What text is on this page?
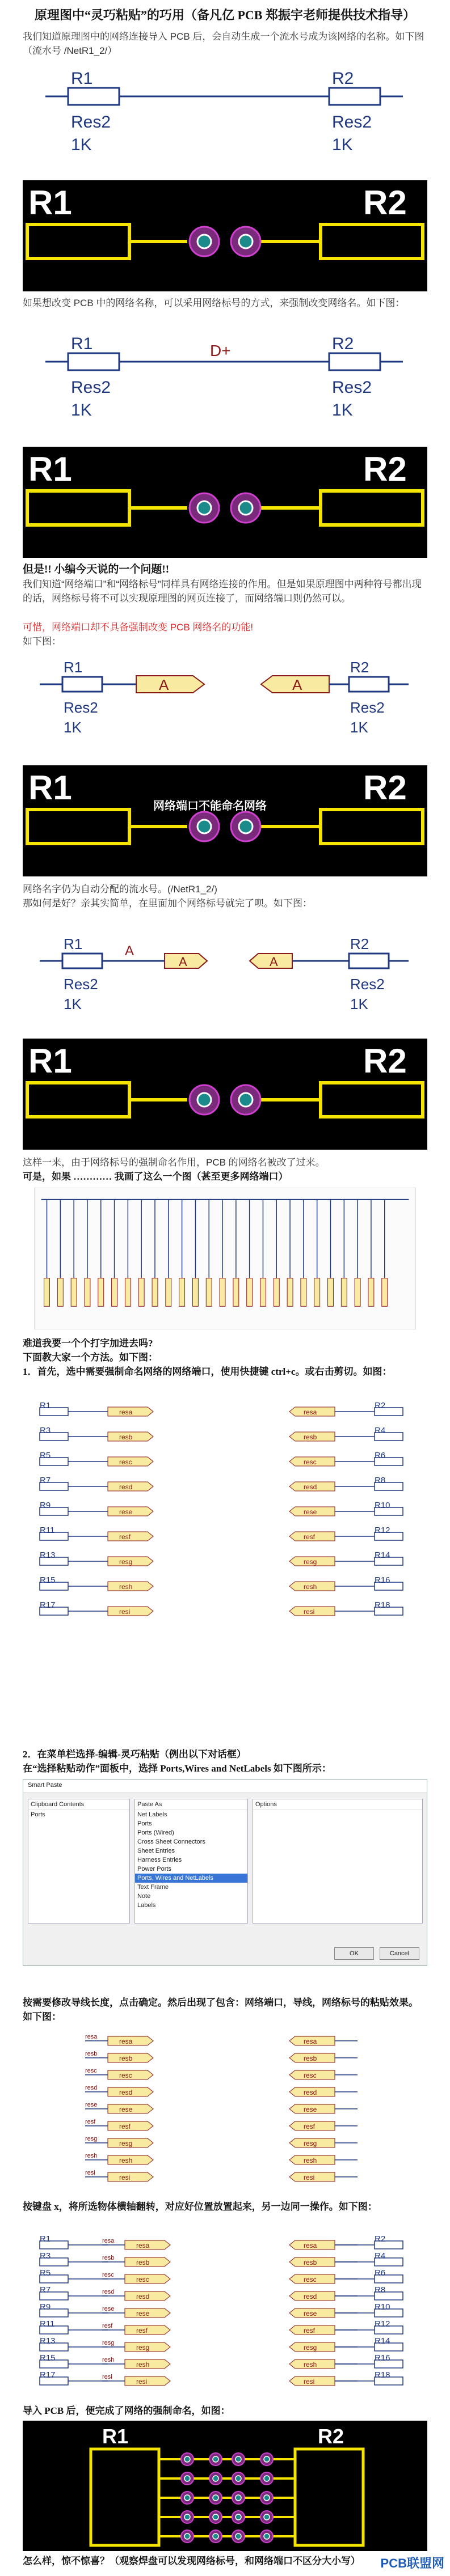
原理图中“灵巧粘贴”的巧用（备凡亿 PCB 郑振宇老师提供技术指导）
我们知道原理图中的网络连接导入 PCB 后，会自动生成一个流水号成为该网络的名称。如下图（流水号 /NetR1_2/）
R1
Res2
1K
R2
Res2
1K
R1	R2
如果想改变 PCB 中的网络名称，可以采用网络标号的方式，来强制改变网络名。如下图：
D+
R1
Res2
1K
R2
Res2
1K
R1	R2
但是!! 小编今天说的一个问题!!
我们知道“网络端口”和“网络标号”同样具有网络连接的作用。但是如果原理图中两种符号都出现的话，网络标号将不可以实现原理图的网页连接了，而网络端口则仍然可以。
可惜，网络端口却不具备强制改变 PCB 网络名的功能!
如下图：
A	A
R1
Res2
1K
R2
Res2
1K
R1	R2
网络端口不能命名网络
网络名字仍为自动分配的流水号。(/NetR1_2/)
那如何是好？亲其实简单，在里面加个网络标号就完了呗。如下图：
A
A	A
R1
Res2
1K
R2
Res2
1K
R1	R2
这样一来，由于网络标号的强制命名作用，PCB 的网络名被改了过来。
可是，如果 ………… 我画了这么一个图（甚至更多网络端口）
难道我要一个个打字加进去吗?
下面教大家一个方法。如下图：
1．首先，选中需要强制命名网络的网络端口，使用快捷键 ctrl+c。或右击剪切。如图：
R1	R2
resa	resa
R3	R4
resb	resb
R5	R6
resc	resc
R7	R8
resd	resd
R9	R10
rese	rese
R11	R12
resf	resf
R13	R14
resg	resg
R15	R16
resh	resh
R17	R18
resi	resi
2．在菜单栏选择-编辑-灵巧粘贴（例出以下对话框）
在“选择粘贴动作”面板中，选择 Ports,Wires and NetLabels 如下图所示：
Smart Paste
Clipboard Contents
Ports
Paste As
Net Labels
Ports
Ports (Wired)
Cross Sheet Connectors
Sheet Entries
Harness Entries
Power Ports
Ports, Wires and NetLabels
Text Frame
Note
Labels
Options
OK	Cancel
按需要修改导线长度，点击确定。然后出现了包含：网络端口，导线，网络标号的粘贴效果。如下图：
resa	resa
resa
resb	resb
resb
resc	resc
resc
resd	resd
resd
rese	rese
rese
resf	resf
resf
resg	resg
resg
resh	resh
resh
resi	resi
resi
按键盘 x，将所选物体横轴翻转，对应好位置放置起来，另一边同一操作。如下图：
R1	R2
resa	resa
resa
R3	R4
resb	resb
resb
R5	R6
resc	resc
resc
R7	R8
resd	resd
resd
R9	R10
rese	rese
rese
R11	R12
resf	resf
resf
R13	R14
resg	resg
resg
R15	R16
resh	resh
resh
R17	R18
resi	resi
resi
导入 PCB 后，便完成了网络的强制命名，如图：
R1	R2
怎么样，惊不惊喜？（观察焊盘可以发现网络标号，和网络端口不区分大小写）	PCB联盟网
